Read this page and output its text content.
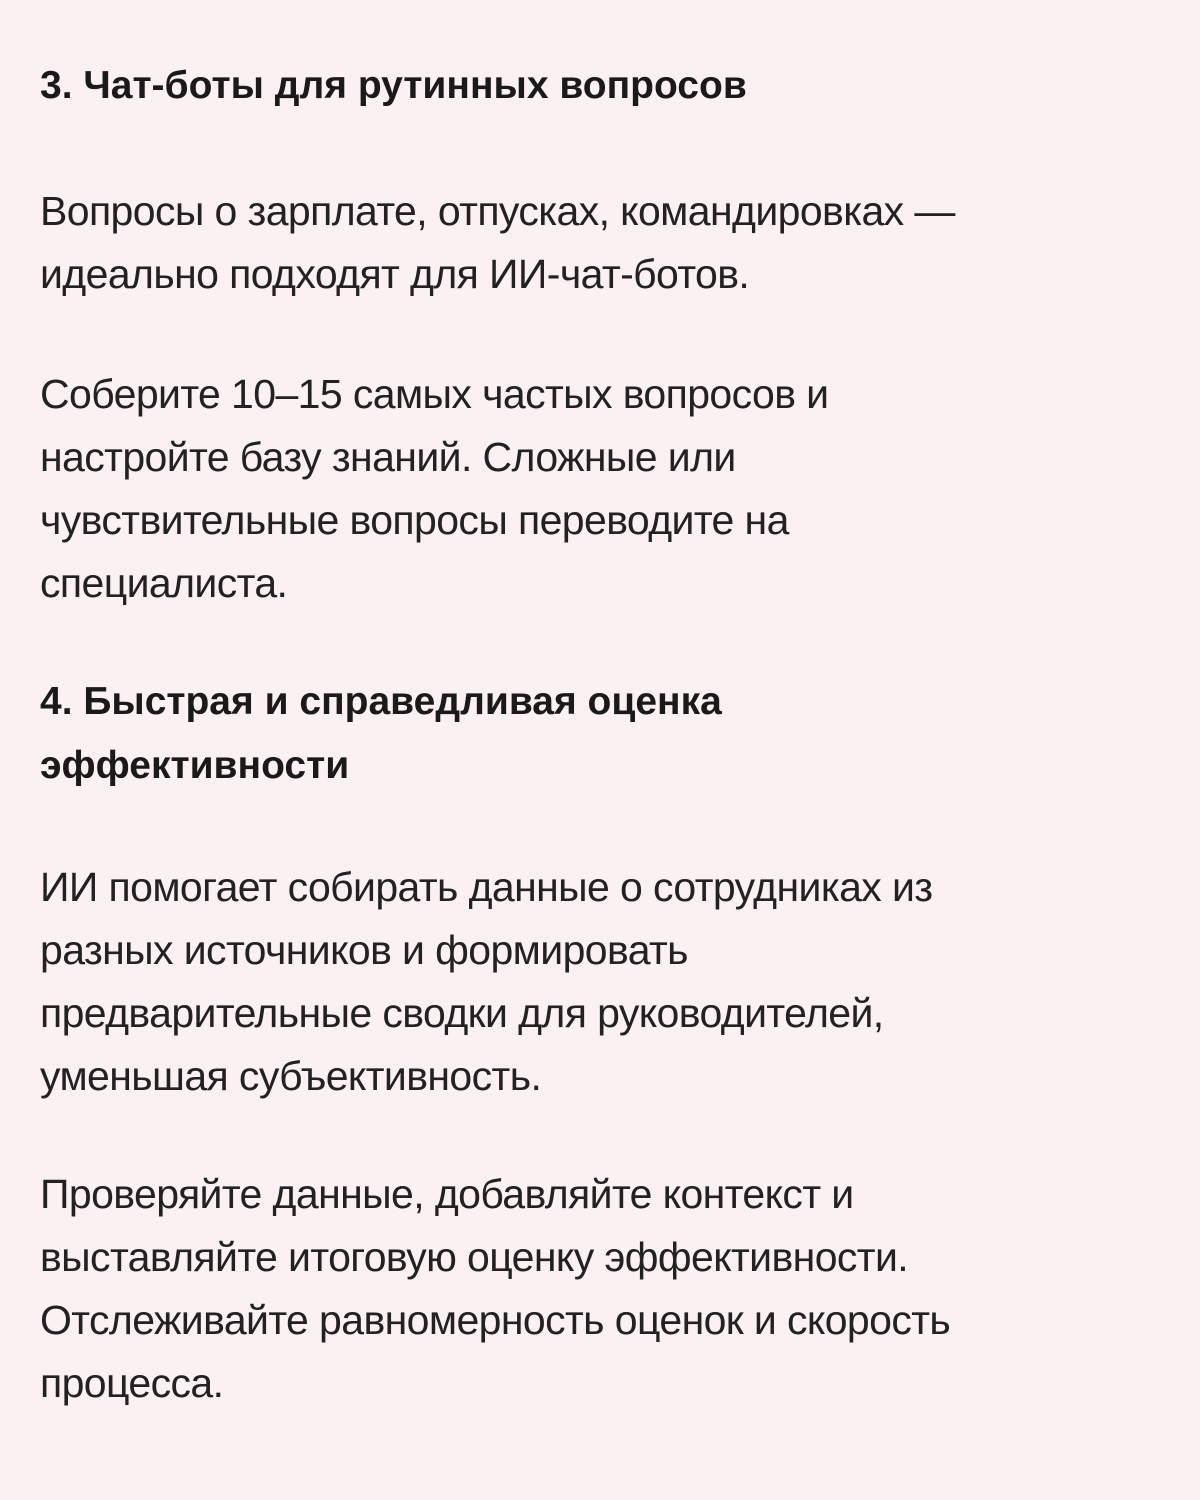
3. Чат-боты для рутинных вопросов
Вопросы о зарплате, отпусках, командировках —
идеально подходят для ИИ-чат-ботов.
Соберите 10–15 самых частых вопросов и
настройте базу знаний. Сложные или
чувствительные вопросы переводите на
специалиста.
4. Быстрая и справедливая оценка
эффективности
ИИ помогает собирать данные о сотрудниках из
разных источников и формировать
предварительные сводки для руководителей,
уменьшая субъективность.
Проверяйте данные, добавляйте контекст и
выставляйте итоговую оценку эффективности.
Отслеживайте равномерность оценок и скорость
процесса.
